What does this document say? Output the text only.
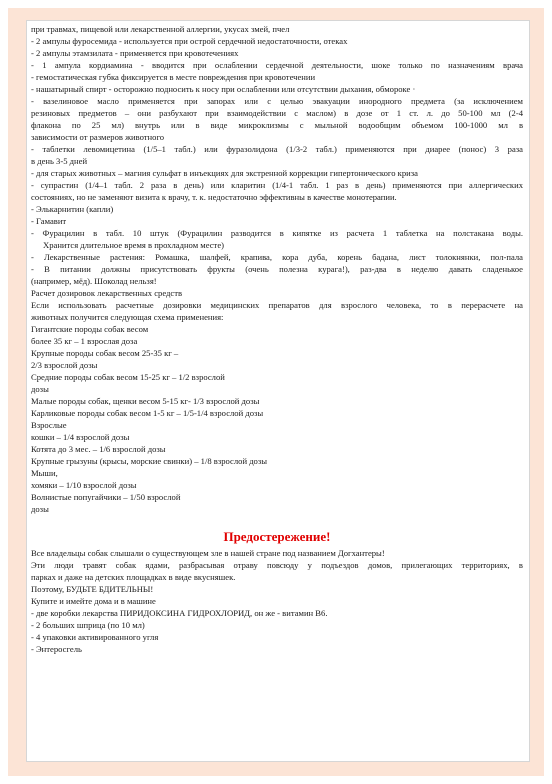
при травмах, пищевой или лекарственной аллергии, укусах змей, пчел
- 2 ампулы фуросемида - используется при острой сердечной недостаточности, отеках
- 2 ампулы этамзилата - применяется при кровотечениях
- 1 ампула кордиамина - вводится при ослаблении сердечной деятельности, шоке только по назначениям врача
- гемостатическая губка фиксируется в месте повреждения при кровотечении
- нашатырный спирт - осторожно подносить к носу при ослаблении или отсутствии дыхания, обмороке ·
- вазелиновое масло применяется при запорах или с целью эвакуации инородного предмета (за исключением
резиновых предметов – они разбухают при взаимодействии с маслом) в дозе от 1 ст. л. до 50-100 мл (2-4
флакона по 25 мл) внутрь или в виде микроклизмы с мыльной водообщим объемом 100-1000 мл в
зависимости от размеров животного
- таблетки левомицетина (1/5–1 табл.) или фуразолидона (1/3-2 табл.) применяются при диарее (понос) 3 раза
в день 3-5 дней
- для старых животных – магния сульфат в инъекциях для экстренной коррекции гипертонического криза
- супрастин (1/4–1 табл. 2 раза в день) или кларитин (1/4-1 табл. 1 раз в день) применяются при аллергических
состояниях, но не заменяют визита к врачу, т. к. недостаточно эффективны в качестве монотерапии.
- Элькарнитин (капли)
- Гамавит
- Фурацилин в табл. 10 штук (Фурацилин разводится в кипятке из расчета 1 таблетка на полстакана воды.
Хранится длительное время в прохладном месте)
- Лекарственные растения: Ромашка, шалфей, крапива, кора дуба, корень бадана, лист толокнянки, пол-пала
- В питании должны присутствовать фрукты (очень полезна курага!), раз-два в неделю давать сладенькое
(например, мёд). Шоколад нельзя!
Расчет дозировок лекарственных средств
Если использовать расчетные дозировки медицинских препаратов для взрослого человека, то в перерасчете на
животных получится следующая схема применения:
Гигантские породы собак весом
более 35 кг – 1 взрослая доза
Крупные породы собак весом 25-35 кг –
2/3 взрослой дозы
Средние породы собак весом 15-25 кг – 1/2 взрослой
дозы
Малые породы собак, щенки весом 5-15 кг- 1/3 взрослой дозы
Карликовые породы собак весом 1-5 кг – 1/5-1/4 взрослой дозы
Взрослые
кошки – 1/4 взрослой дозы
Котята до 3 мес. – 1/6 взрослой дозы
Крупные грызуны (крысы, морские свинки) – 1/8 взрослой дозы
Мыши,
хомяки – 1/10 взрослой дозы
Волнистые попугайчики – 1/50 взрослой
дозы
Предостережение!
Все владельцы собак слышали о существующем зле в нашей стране под названием Догхантеры!
Эти люди травят собак ядами, разбрасывая отраву повсюду у подъездов домов, прилегающих территориях, в
парках и даже на детских площадках в виде вкусняшек.
Поэтому, БУДЬТЕ БДИТЕЛЬНЫ!
Купите и имейте дома и в машине
- две коробки лекарства ПИРИДОКСИНА ГИДРОХЛОРИД, он же - витамин В6.
- 2 больших шприца (по 10 мл)
- 4 упаковки активированного угля
- Энтеросгель
